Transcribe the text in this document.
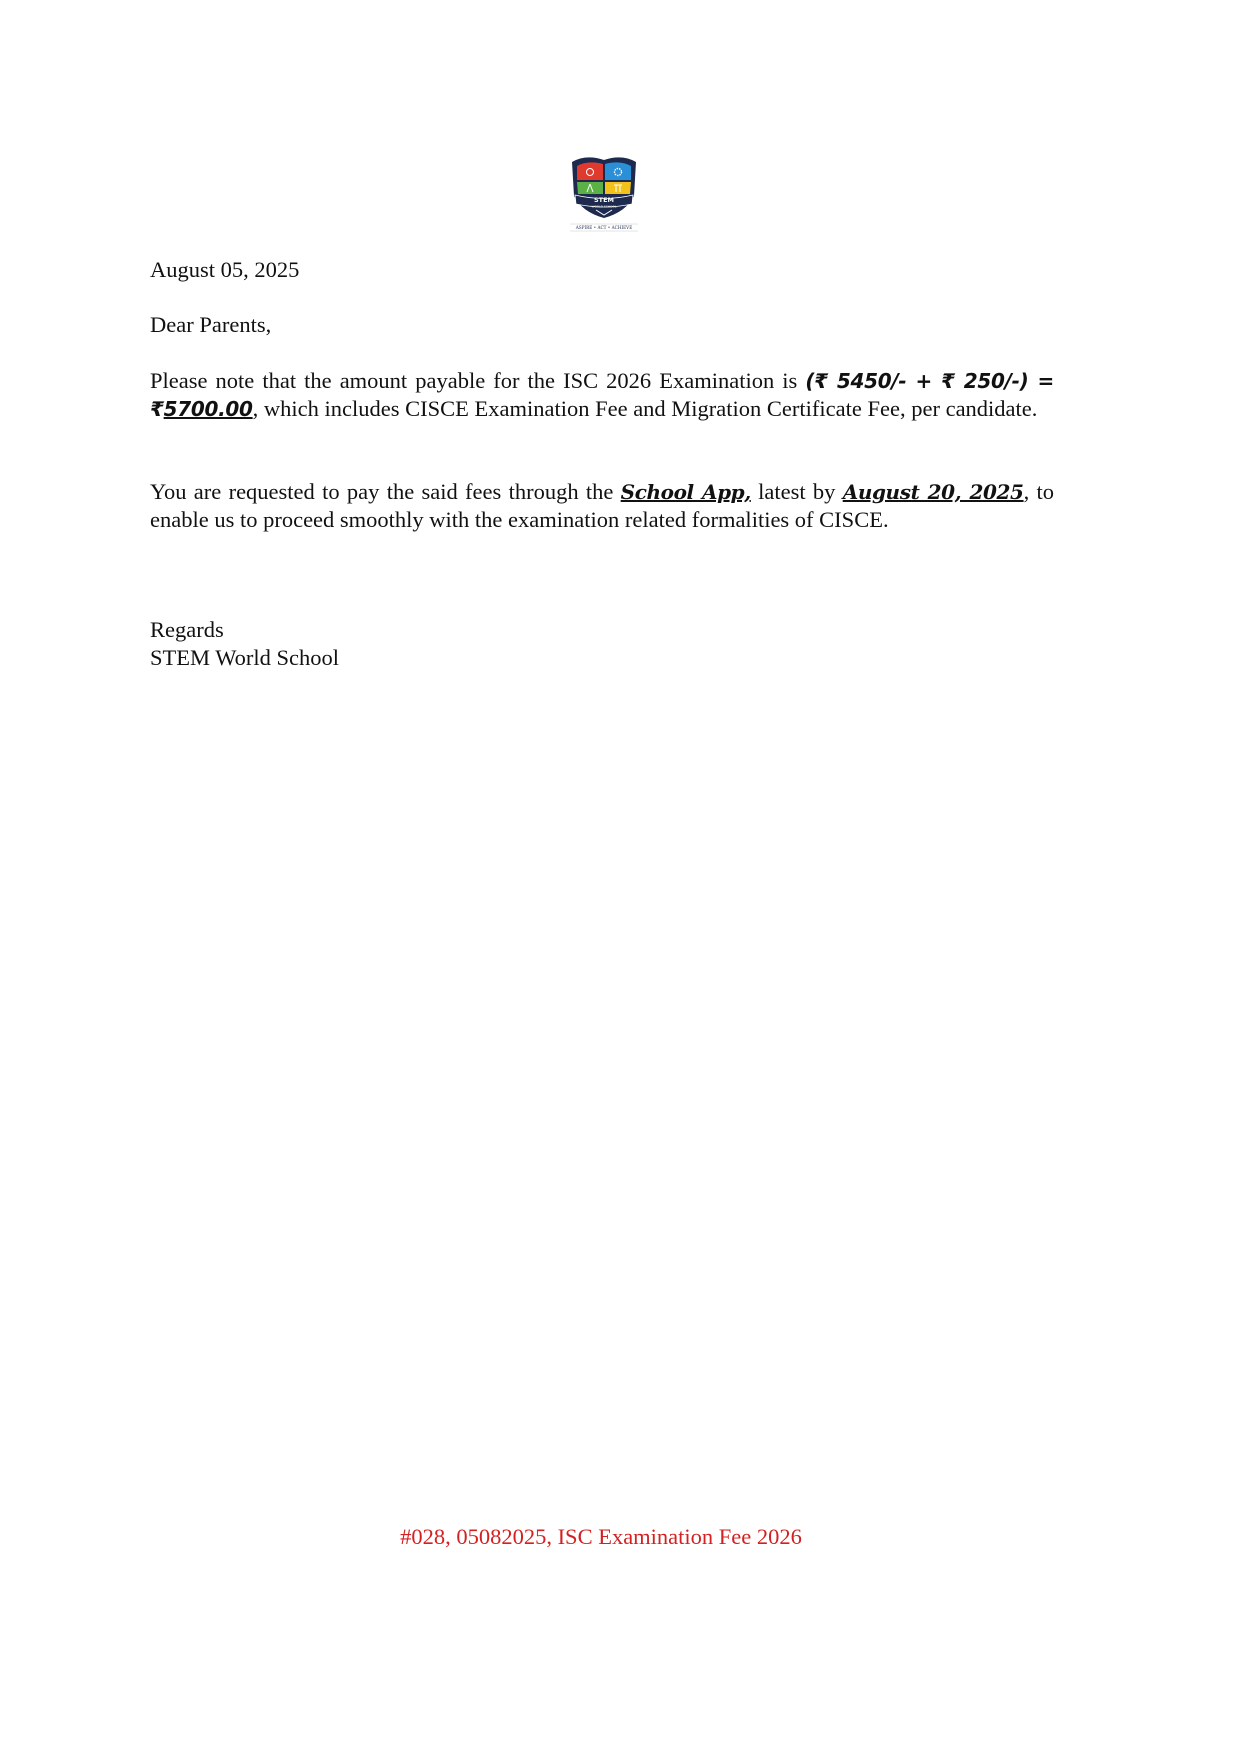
STEM
WORLD SCHOOL
ASPIRE • ACT • ACHIEVE
August 05, 2025
Dear Parents,
Please note that the amount payable for the ISC 2026 Examination is (₹ 5450/- + ₹ 250/-) = ₹5700.00, which includes CISCE Examination Fee and Migration Certificate Fee, per candidate.
You are requested to pay the said fees through the School App, latest by August 20, 2025, to enable us to proceed smoothly with the examination related formalities of CISCE.
Regards
STEM World School
#028, 05082025, ISC Examination Fee 2026
